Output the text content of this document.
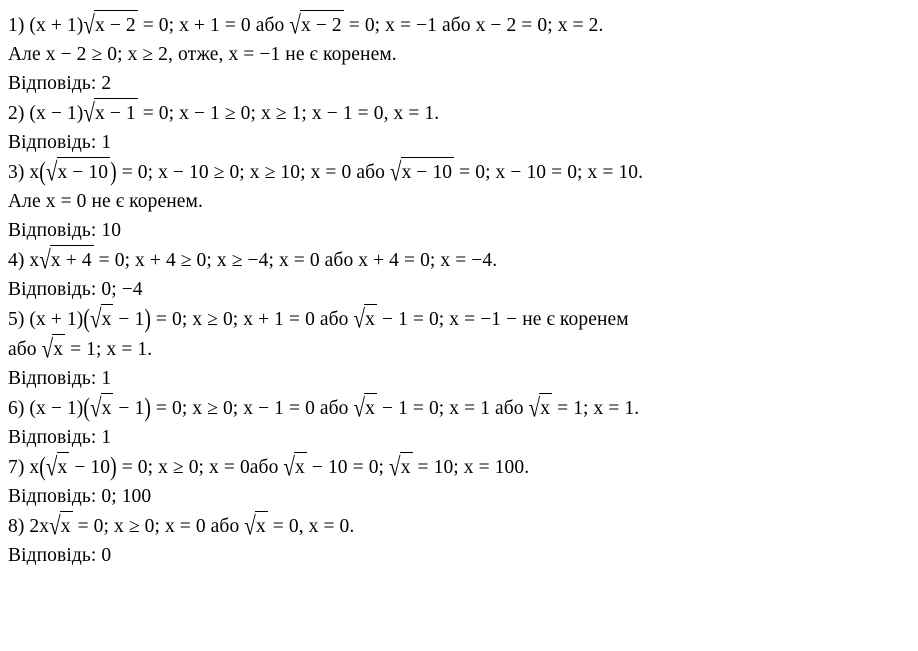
1) (x + 1)√x − 2 = 0; x + 1 = 0 або √x − 2 = 0; x = −1 або x − 2 = 0; x = 2.
Але x − 2 ≥ 0; x ≥ 2, отже, x = −1 не є коренем.
Відповідь: 2
2) (x − 1)√x − 1 = 0; x − 1 ≥ 0; x ≥ 1; x − 1 = 0, x = 1.
Відповідь: 1
3) x(√x − 10 ) = 0; x − 10 ≥ 0; x ≥ 10; x = 0 або √x − 10 = 0; x − 10 = 0; x = 10.
Але x = 0 не є коренем.
Відповідь: 10
4) x√x + 4 = 0; x + 4 ≥ 0; x ≥ −4; x = 0 або x + 4 = 0; x = −4.
Відповідь: 0; −4
5) (x + 1)(√x − 1) = 0; x ≥ 0; x + 1 = 0 або √x − 1 = 0; x = −1 − не є коренем
або √x = 1; x = 1.
Відповідь: 1
6) (x − 1)(√x − 1) = 0; x ≥ 0; x − 1 = 0 або √x − 1 = 0; x = 1 або √x = 1; x = 1.
Відповідь: 1
7) x(√x − 10) = 0; x ≥ 0; x = 0або √x − 10 = 0; √x = 10; x = 100.
Відповідь: 0; 100
8) 2x√x = 0; x ≥ 0; x = 0 або √x = 0, x = 0.
Відповідь: 0
